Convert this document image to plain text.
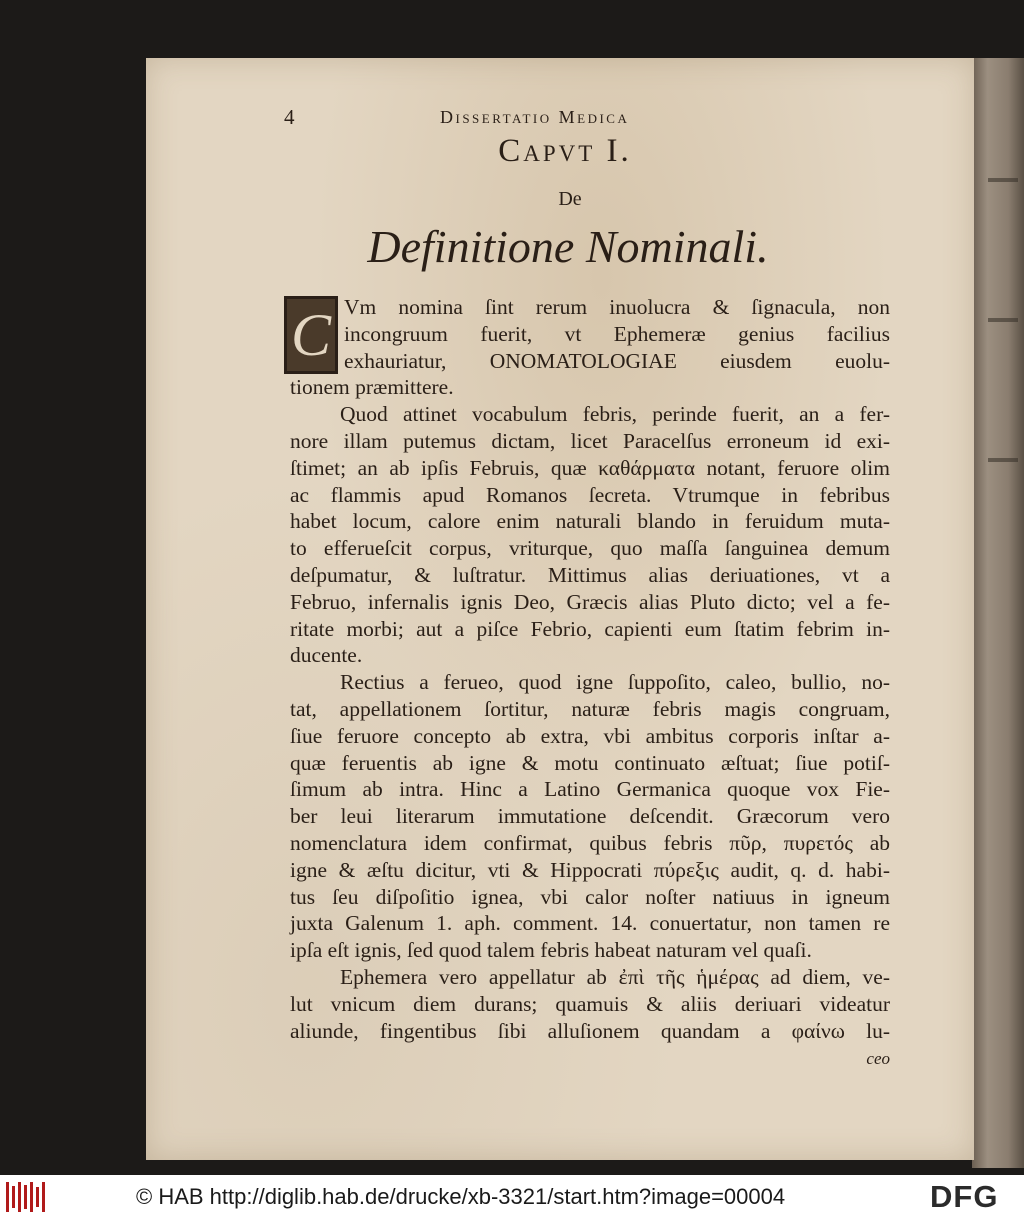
4	Dissertatio Medica
Capvt I.
De
Definitione Nominali.
C Vm nomina ſint rerum inuolucra & ſignacula, non
incongruum fuerit, vt Ephemeræ genius facilius
exhauriatur, ONOMATOLOGIAE eiusdem euolu-
tionem præmittere.
Quod attinet vocabulum febris, perinde fuerit, an a fer-
nore illam putemus dictam, licet Paracelſus erroneum id exi-
ſtimet; an ab ipſis Februis, quæ καθάρματα notant, feruore olim
ac flammis apud Romanos ſecreta. Vtrumque in febribus
habet locum, calore enim naturali blando in feruidum muta-
to efferueſcit corpus, vriturque, quo maſſa ſanguinea demum
deſpumatur, & luſtratur. Mittimus alias deriuationes, vt a
Februo, infernalis ignis Deo, Græcis alias Pluto dicto; vel a fe-
ritate morbi; aut a piſce Febrio, capienti eum ſtatim febrim in-
ducente.
Rectius a ferueo, quod igne ſuppoſito, caleo, bullio, no-
tat, appellationem ſortitur, naturæ febris magis congruam,
ſiue feruore concepto ab extra, vbi ambitus corporis inſtar a-
quæ feruentis ab igne & motu continuato æſtuat; ſiue potiſ-
ſimum ab intra. Hinc a Latino Germanica quoque vox Fie-
ber leui literarum immutatione deſcendit. Græcorum vero
nomenclatura idem confirmat, quibus febris πῦρ, πυρετός ab
igne & æſtu dicitur, vti & Hippocrati πύρεξις audit, q. d. habi-
tus ſeu diſpoſitio ignea, vbi calor noſter natiuus in igneum
juxta Galenum 1. aph. comment. 14. conuertatur, non tamen re
ipſa eſt ignis, ſed quod talem febris habeat naturam vel quaſi.
Ephemera vero appellatur ab ἐπὶ τῆς ἡμέρας ad diem, ve-
lut vnicum diem durans; quamuis & aliis deriuari videatur
aliunde, fingentibus ſibi alluſionem quandam a φαίνω lu-
ceo
© HAB http://diglib.hab.de/drucke/xb-3321/start.htm?image=00004	DFG
